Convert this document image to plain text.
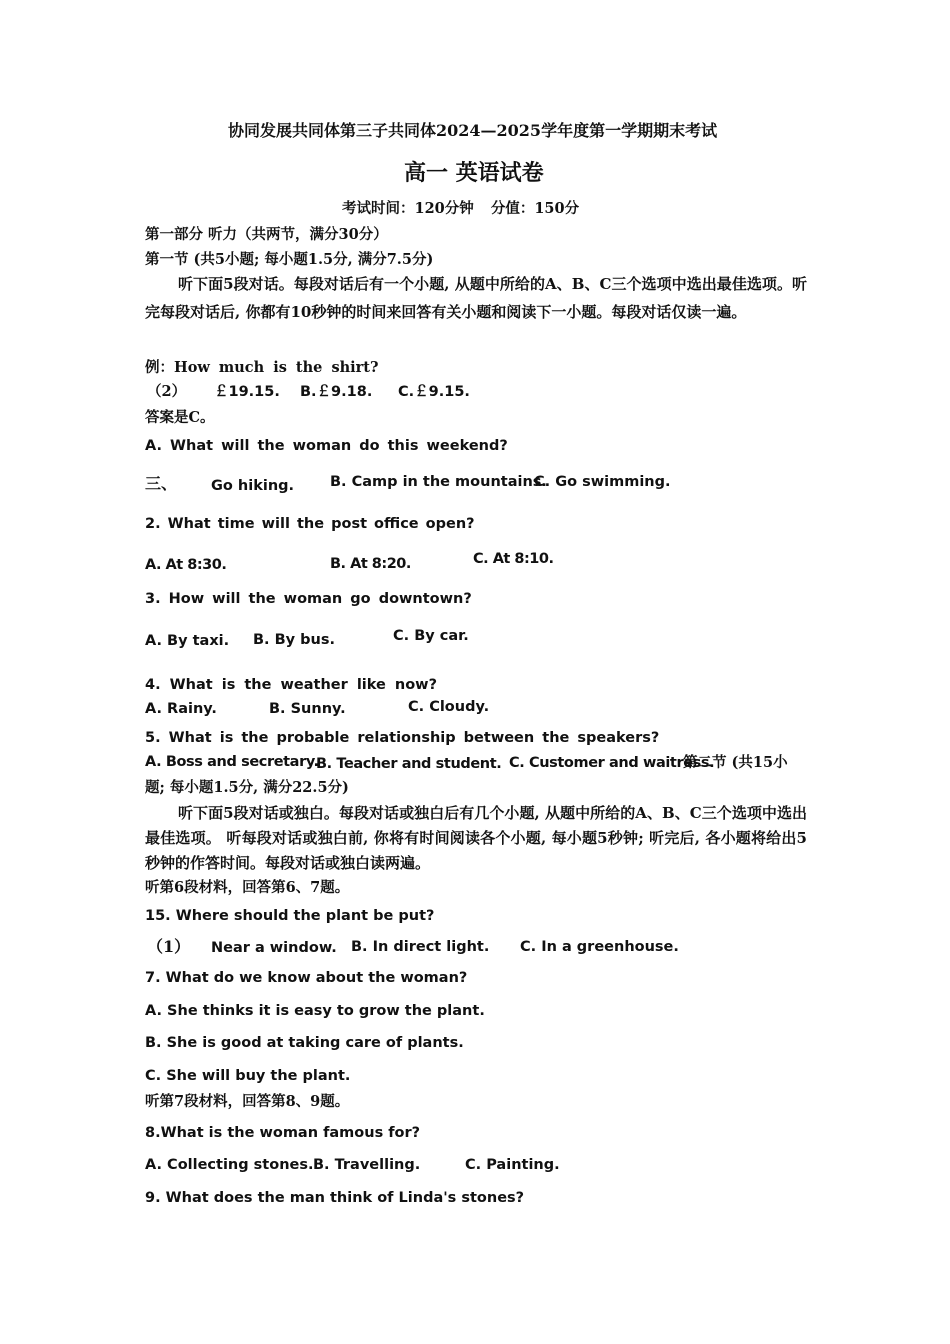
协同发展共同体第三子共同体2024—2025学年度第一学期期末考试
高一 英语试卷
考试时间：120分钟 分值：150分
第一部分 听力（共两节，满分30分）
第一节 (共5小题; 每小题1.5分, 满分7.5分)
听下面5段对话。每段对话后有一个小题, 从题中所给的A、B、C三个选项中选出最佳选项。听完每段对话后, 你都有10秒钟的时间来回答有关小题和阅读下一小题。每段对话仅读一遍。
例：How much is the shirt?
（2） ￡19.15. B.￡9.18. C.￡9.15.
答案是C。
A. What will the woman do this weekend?
三、 Go hiking. B. Camp in the mountains.
C. Go swimming.
2. What time will the post office open?
A. At 8:30.	B. At 8:20.	C. At 8:10.
3. How will the woman go downtown?
A. By taxi. B. By bus.	C. By car.
4. What is the weather like now?
A. Rainy.	B. Sunny.	C. Cloudy.
5. What is the probable relationship between the speakers?
A. Boss and secretary.
B. Teacher and student. C. Customer and waitress.
第二节 (共15小
题; 每小题1.5分, 满分22.5分)
听下面5段对话或独白。每段对话或独白后有几个小题, 从题中所给的A、B、C三个选项中选出最佳选项。 听每段对话或独白前, 你将有时间阅读各个小题, 每小题5秒钟; 听完后, 各小题将给出5秒钟的作答时间。每段对话或独白读两遍。
听第6段材料，回答第6、7题。
15. Where should the plant be put?
（1） Near a window. B. In direct light. C. In a greenhouse.
7. What do we know about the woman?
A. She thinks it is easy to grow the plant.
B. She is good at taking care of plants.
C. She will buy the plant.
听第7段材料，回答第8、9题。
8.What is the woman famous for?
A. Collecting stones. B. Travelling.	C. Painting.
9. What does the man think of Linda's stones?
